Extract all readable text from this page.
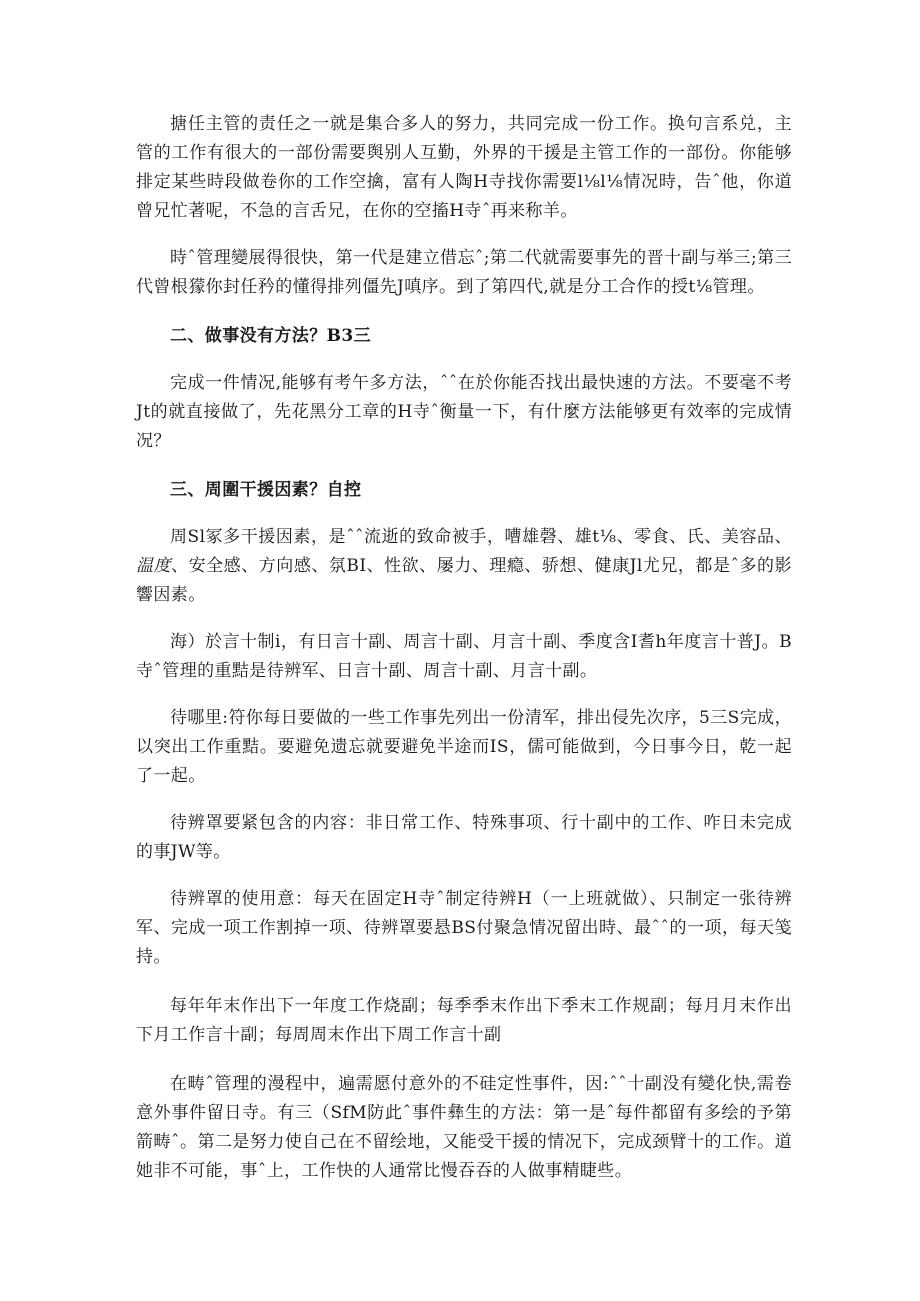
搪任主管的责任之一就是集合多人的努力，共同完成一份工作。换句言系兑，主管的工作有很大的一部份需要舆别人互勤，外界的干援是主管工作的一部份。你能够排定某些時段做卷你的工作空擒，富有人陶H寺找你需要l⅛l⅛情况時，告ˆ他，你道曾兄忙著呢，不急的言舌兄，在你的空搐H寺ˆ再来称羊。

時ˆ管理變展得很快，第一代是建立借忘ˆ;第二代就需要事先的晋十副与举三;第三代曾根獴你封任矜的懂得排列僵先J嗔序。到了第四代,就是分工合作的授t⅛管理。

二、做事没有方法？B3三

完成一件情况,能够有考午多方法，ˆˆ在於你能否找出最快速的方法。不要毫不考Jt的就直接做了，先花黑分工章的H寺ˆ衡量一下，有什麼方法能够更有效率的完成情况？

三、周圍干援因素？自控

周Sl冢多干援因素，是ˆˆ流逝的致命被手，嘈雄磬、雄t⅛、零食、氏、美容品、温度、安全感、方向感、氛BI、性欲、屡力、理瘾、骄想、健康Jl尤兄，都是ˆ多的影響因素。

海）於言十制i，有日言十副、周言十副、月言十副、季度含I耆h年度言十普J。B寺ˆ管理的重黠是待辨军、日言十副、周言十副、月言十副。

待哪里:符你每日要做的一些工作事先列出一份清军，排出侵先次序，5三S完成，以突出工作重黠。要避免遗忘就要避免半途而IS，儒可能做到，今日事今日，乾一起了一起。

待辨罩要紧包含的内容：非日常工作、特殊事项、行十副中的工作、咋日未完成的事JW等。

待辨罩的使用意：每天在固定H寺ˆ制定待辨H（一上班就做）、只制定一张待辨军、完成一项工作割掉一项、待辨罩要悬BS付聚急情况留出時、最ˆˆ的一项，每天笺持。

每年年末作出下一年度工作烧副；每季季末作出下季末工作规副；每月月末作出下月工作言十副；每周周末作出下周工作言十副

在畴ˆ管理的漫程中，遍需愿付意外的不硅定性事件，因:ˆˆ十副没有變化快,需卷意外事件留日寺。有三（SfM防此ˆ事件彝生的方法：第一是ˆ每件都留有多绘的予第箭畴ˆ。第二是努力使自己在不留绘地，又能受干援的情况下，完成颈臂十的工作。道她非不可能，事ˆ上，工作快的人通常比慢吞吞的人做事精睫些。
